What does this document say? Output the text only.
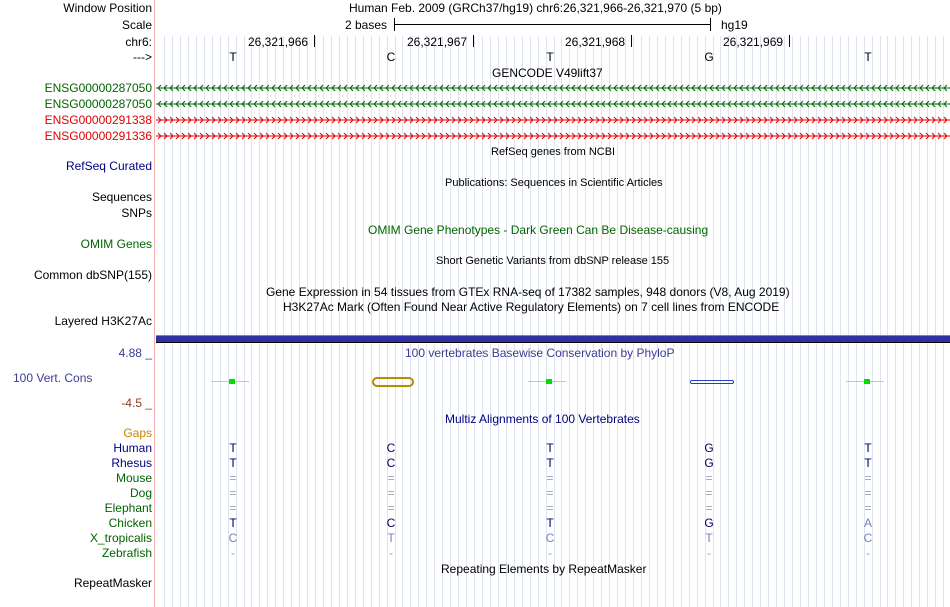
Window Position	Human Feb. 2009 (GRCh37/hg19) chr6:26,321,966-26,321,970 (5 bp)
Scale	2 bases	hg19
chr6:
--->
GENCODE V49lift37
RefSeq genes from NCBI
RefSeq Curated
Publications: Sequences in Scientific Articles
Sequences
SNPs
OMIM Gene Phenotypes - Dark Green Can Be Disease-causing
OMIM Genes
Short Genetic Variants from dbSNP release 155
Common dbSNP(155)
Gene Expression in 54 tissues from GTEx RNA-seq of 17382 samples, 948 donors (V8, Aug 2019)
H3K27Ac Mark (Often Found Near Active Regulatory Elements) on 7 cell lines from ENCODE
Layered H3K27Ac
4.88 _	100 vertebrates Basewise Conservation by PhyloP
100 Vert. Cons
-4.5 _
Multiz Alignments of 100 Vertebrates
Gaps
Repeating Elements by RepeatMasker
RepeatMasker
26,321,966	26,321,967	26,321,968	26,321,969
T	C	T	G	T
ENSG00000287050
ENSG00000287050
ENSG00000291338
ENSG00000291336
Human	T	C	T	G	T
Rhesus	T	C	T	G	T
Mouse	=	=	=	=	=
Dog	=	=	=	=	=
Elephant	=	=	=	=	=
Chicken	T	C	T	G	A
X_tropicalis	C	T	C	T	C
Zebrafish	-	-	-	-	-
